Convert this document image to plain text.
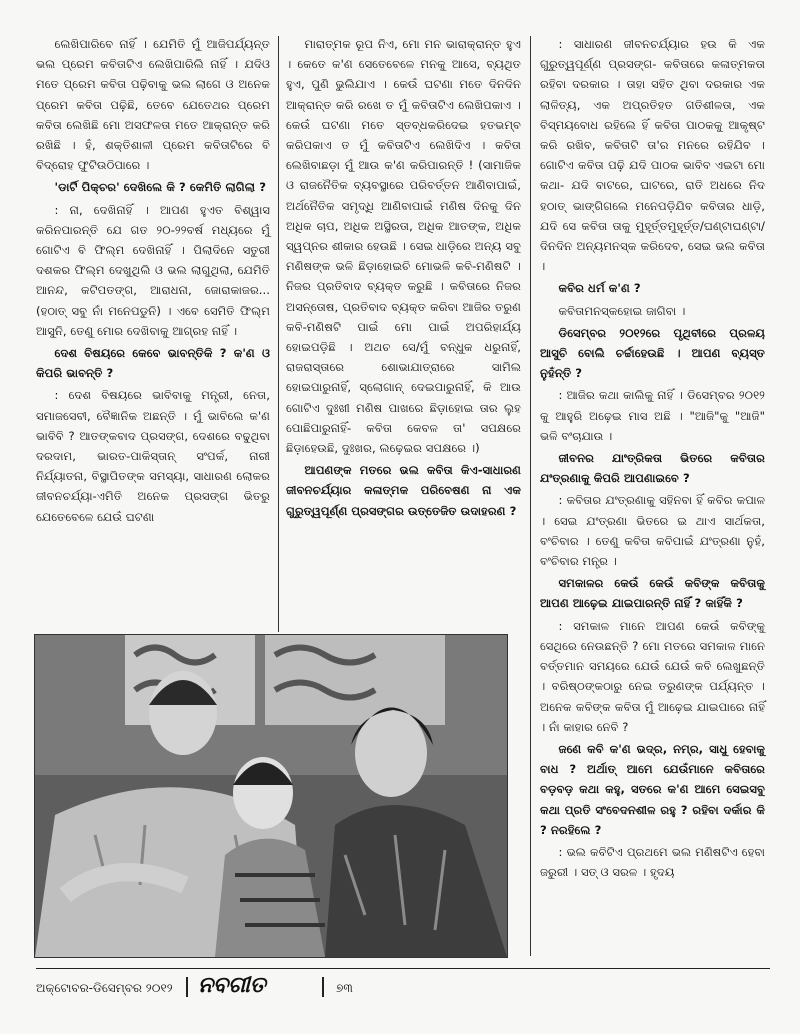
ଲେଖିପାରିବେ ନାହିଁ । ଯେମିତି ମୁଁ ଆଜିପର୍ଯ୍ୟନ୍ତ ଭଲ ପ୍ରେମ କବିତାଟିଏ ଲେଖିପାରିଲି ନାହିଁ । ଯଦିଓ ମତେ ପ୍ରେମ କବିତା ପଢ଼ିବାକୁ ଭଲ ଲାଗେ ଓ ଅନେକ ପ୍ରେମ କବିତା ପଢ଼ିଛି, ତେବେ ଯେତେଥର ପ୍ରେମ କବିତା ଲେଖିଛି ମୋ ଅସଫଳତା ମତେ ଆକ୍ରାନ୍ତ କରି ରଖିଛି । ହଁ, ଶକ୍ତିଶାଳୀ ପ୍ରେମ କବିତାଟିରେ ବି ବିଦ୍ରୋହ ଫୁଟିଉଠିପାରେ ।

'ଡାର୍ଟି ପିକ୍ଚର' ଦେଖିଲେ କି ? କେମିତି ଲାଗିଲା ?

: ନା, ଦେଖିନାହିଁ । ଆପଣ ହୁଏତ ବିଶ୍ୱାସ କରିନପାରନ୍ତି ଯେ ଗତ ୨୦-୨୨ବର୍ଷ ମଧ୍ୟରେ ମୁଁ ଗୋଟିଏ ବି ଫିଲ୍ମ ଦେଖିନାହିଁ । ପିଲାଦିନେ ସତୁରୀ ଦଶକର ଫିଲ୍ମ ଦେଖୁଥିଲି ଓ ଭଲ ଲାଗୁଥିଲା, ଯେମିତି ଆନନ୍ଦ, କଟିପତଙ୍ଗ, ଆରାଧନା, ଜୋରାକାଜର...(ହଠାତ୍ ସବୁ ନାଁ ମନେପଡୁନି) । ଏବେ ସେମିତି ଫିଲ୍ମ ଆସୁନି, ତେଣୁ ମୋର ଦେଖିବାକୁ ଆଗ୍ରହ ନାହିଁ ।

ଦେଶ ବିଷୟରେ କେବେ ଭାବନ୍ତିକି ? କ'ଣ ଓ କିପରି ଭାବନ୍ତି ?

: ଦେଶ ବିଷୟରେ ଭାବିବାକୁ ମନ୍ତ୍ରୀ, ନେତା, ସମାଜସେବୀ, ବୈଜ୍ଞାନିକ ଅଛନ୍ତି । ମୁଁ ଭାବିଲେ କ'ଣ ଭାବିବି ? ଆତଙ୍କବାଦ ପ୍ରସଙ୍ଗ, ଦେଶରେ ବଢୁଥିବା ଦରଦାମ, ଭାରତ-ପାକିସ୍ତାନ୍ ସଂପର୍କ, ନାରୀ ନିର୍ଯ୍ୟାତନା, ବିସ୍ଥାପିତଙ୍କ ସମସ୍ୟା, ସାଧାରଣ ଲୋକର ଜୀବନଚର୍ଯ୍ୟା-ଏମିତି ଅନେକ ପ୍ରସଙ୍ଗ ଭିତରୁ ଯେତେବେଳେ ଯେଉଁ ଘଟଣା

ମାରାତ୍ମକ ରୂପ ନିଏ, ମୋ ମନ ଭାରାକ୍ରାନ୍ତ ହୁଏ । କେତେ କ'ଣ ସେତେବେଳେ ମନକୁ ଆସେ, ବ୍ୟଥିତ ହୁଏ, ପୁଣି ଭୁଲିଯାଏ । କେଉଁ ଘଟଣା ମତେ ଦିନଦିନ ଆକ୍ରାନ୍ତ କରି ରଖେ ତ ମୁଁ କବିତାଟିଏ ଲେଖିପକାଏ । କେଉଁ ଘଟଣା ମତେ ସ୍ତବ୍ଧକରିଦେଇ ହତଭମ୍ବ କରିପକାଏ ତ ମୁଁ କବିତାଟିଏ ଲେଖିଦିଏ । କବିତା ଲେଖିବାଛଡ଼ା ମୁଁ ଆଉ କ'ଣ କରିପାରନ୍ତି ! (ସାମାଜିକ ଓ ରାଜନୈତିକ ବ୍ୟବସ୍ଥାରେ ପରିବର୍ତ୍ତନ ଆଣିବାପାଇଁ, ଅର୍ଥନୈତିକ ସମୃଦ୍ଧି ଆଣିବାପାଇଁ ମଣିଷ ଦିନକୁ ଦିନ ଅଧିକ ଚାପ, ଅଧିକ ଅସ୍ଥିରତା, ଅଧିକ ଆତଙ୍କ, ଅଧିକ ସ୍ୱପ୍ନର ଶୀକାର ହେଉଛି । ସେଇ ଧାଡ଼ିରେ ଅନ୍ୟ ସବୁ ମଣିଷଙ୍କ ଭଳି ଛିଡ଼ାହୋଇଚି ମୋଭଳି କବି-ମଣିଷଟି । ନିଜର ପ୍ରତିବାଦ ବ୍ୟକ୍ତ କରୁଛି । କବିତାରେ ନିଜର ଅସନ୍ତୋଷ, ପ୍ରତିବାଦ ବ୍ୟକ୍ତ କରିବା ଆଜିର ତରୁଣ କବି-ମଣିଷଟି ପାଇଁ ମୋ ପାଇଁ ଅପରିହାର୍ଯ୍ୟ ହୋଇପଡ଼ିଛି । ଅଥଚ ସେ/ମୁଁ ବନ୍ଧୁକ ଧରୁନାହିଁ, ରାଜରାସ୍ତାରେ ଶୋଭାଯାତ୍ରାରେ ସାମିଲ ହୋଇପାରୁନାହିଁ, ସ୍ଲୋଗାନ୍ ଦେଇପାରୁନାହିଁ, କି ଆଉ ଗୋଟିଏ ଦୁଃଖୀ ମଣିଷ ପାଖରେ ଛିଡ଼ାହୋଇ ତାର ଲୁହ ପୋଛିପାରୁନାହିଁ- କବିତା କେବଳ ତା' ସପକ୍ଷରେ ଛିଡ଼ାହେଉଛି, ଦୁଃଖର, ଲଢ଼େଇର ସପକ୍ଷରେ ।)

ଆପଣଙ୍କ ମତରେ ଭଲ କବିତା କିଏ-ସାଧାରଣ ଜୀବନଚର୍ଯ୍ୟାର କଳାତ୍ମକ ପରିବେଷଣ ନା ଏକ ଗୁରୁତ୍ୱପୂର୍ଣ୍ଣ ପ୍ରସଙ୍ଗର ଉତ୍ତେଜିତ ଉଦାହରଣ ?

: ସାଧାରଣ ଜୀବନଚର୍ଯ୍ୟାର ହଉ କି ଏକ ଗୁରୁତ୍ୱପୂର୍ଣ୍ଣ ପ୍ରସଙ୍ଗ- କବିତାରେ କଳାତ୍ମକତା ରହିବା ଦରକାର । ତାହା ସହିତ ଥିବା ଦରକାର ଏକ ଲାଳିତ୍ୟ, ଏକ ଅପ୍ରତିହତ ଗତିଶୀଳତା, ଏକ ବିସ୍ମୟବୋଧ ରହିଲେ ହିଁ କବିତା ପାଠକକୁ ଆକୃଷ୍ଟ କରି ରଖିବ, କବିତାଟି ତା'ର ମନରେ ରହିଯିବ । ଗୋଟିଏ କବିତା ପଢ଼ି ଯଦି ପାଠକ ଭାବିବ ଏଇଟା ମୋ କଥା- ଯଦି ବାଟରେ, ଘାଟରେ, ରାତି ଅଧରେ ନିଦ ହଠାତ୍ ଭାଙ୍ଗିଗଲେ ମନେପଡ଼ିଯିବ କବିତାର ଧାଡ଼ି, ଯଦି ସେ କବିତା ତାକୁ ମୁହୂର୍ତ୍ତମୁହୂର୍ତ୍ତ/ଘଣ୍ଟାଘଣ୍ଟା/ଦିନଦିନ ଅନ୍ୟମନସ୍କ କରିଦେବ, ସେଇ ଭଲ କବିତା ।

କବିର ଧର୍ମ କ'ଣ ?

କବିତାମନସ୍କହୋଇ ଜାଗିବା ।

ଡିସେମ୍ବର ୨୦୧୨ରେ ପୃଥିବୀରେ ପ୍ରଳୟ ଆସୁଚି ବୋଲି ଚର୍ଚ୍ଚାହେଉଛି । ଆପଣ ବ୍ୟସ୍ତ ନୁହଁନ୍ତି ?

: ଆଜିର କଥା କାଲିକୁ ନାହିଁ । ଡିସେମ୍ବର ୨୦୧୨ କୁ ଆହୁରି ଅଢ଼େଇ ମାସ ଅଛି । "ଆଜି"କୁ "ଆଜି" ଭଳି ବଂଚାଯାଉ ।

ଜୀବନର ଯାଂତ୍ରିକତା ଭିତରେ କବିତାର ଯଂତ୍ରଣାକୁ କିପରି ଆପଣାଇବେ ?

: କବିତାର ଯଂତ୍ରଣାକୁ ସହିନବା ହିଁ କବିର କପାଳ । ସେଇ ଯଂତ୍ରଣା ଭିତରେ ଇ ଥାଏ ସାର୍ଥକତା, ବଂଚିବାର । ତେଣୁ କବିତା କବିପାଇଁ ଯଂତ୍ରଣା ନୁହଁ, ବଂଚିବାର ମନ୍ତ୍ର ।

ସମକାଳର କେଉଁ କେଉଁ କବିଙ୍କ କବିତାକୁ ଆପଣ ଆଢ଼େଇ ଯାଇପାରନ୍ତି ନାହିଁ ? କାହିଁକି ?

: ସମକାଳ ମାନେ ଆପଣ କେଉଁ କବିଙ୍କୁ ସେଥିରେ ନେଉଛନ୍ତି ? ମୋ ମତରେ ସମକାଳ ମାନେ ବର୍ତ୍ତମାନ ସମୟରେ ଯେଉଁ ଯେଉଁ କବି ଲେଖୁଛନ୍ତି । ବରିଷ୍ଠଙ୍କଠାରୁ ନେଇ ତରୁଣଙ୍କ ପର୍ଯ୍ୟନ୍ତ । ଅନେକ କବିଙ୍କ କବିତା ମୁଁ ଆଢ଼େଇ ଯାଇପାରେ ନାହିଁ । ନାଁ କାହାର ନେବି ?

ଜଣେ କବି କ'ଣ ଭଦ୍ର, ନମ୍ର, ସାଧୁ ହେବାକୁ ବାଧ ? ଅର୍ଥାତ୍ ଆମେ ଯେଉଁମାନେ କବିତାରେ ବଡ଼ବଡ଼ କଥା କହୁ, ସତରେ କ'ଣ ଆମେ ସେଇସବୁ କଥା ପ୍ରତି ସଂବେଦନଶୀଳ ରହୁ ? ରହିବା ଦର୍କାର କି ? ନରହିଲେ ?

: ଭଲ କବିଟିଏ ପ୍ରଥମେ ଭଲ ମଣିଷଟିଏ ହେବା ଜରୁରୀ । ସତ୍ ଓ ସରଳ । ହୃଦୟ

ଅକ୍ଟୋବର-ଡିସେମ୍ବର ୨୦୧୨ ନବଗୀତ	୭୩
